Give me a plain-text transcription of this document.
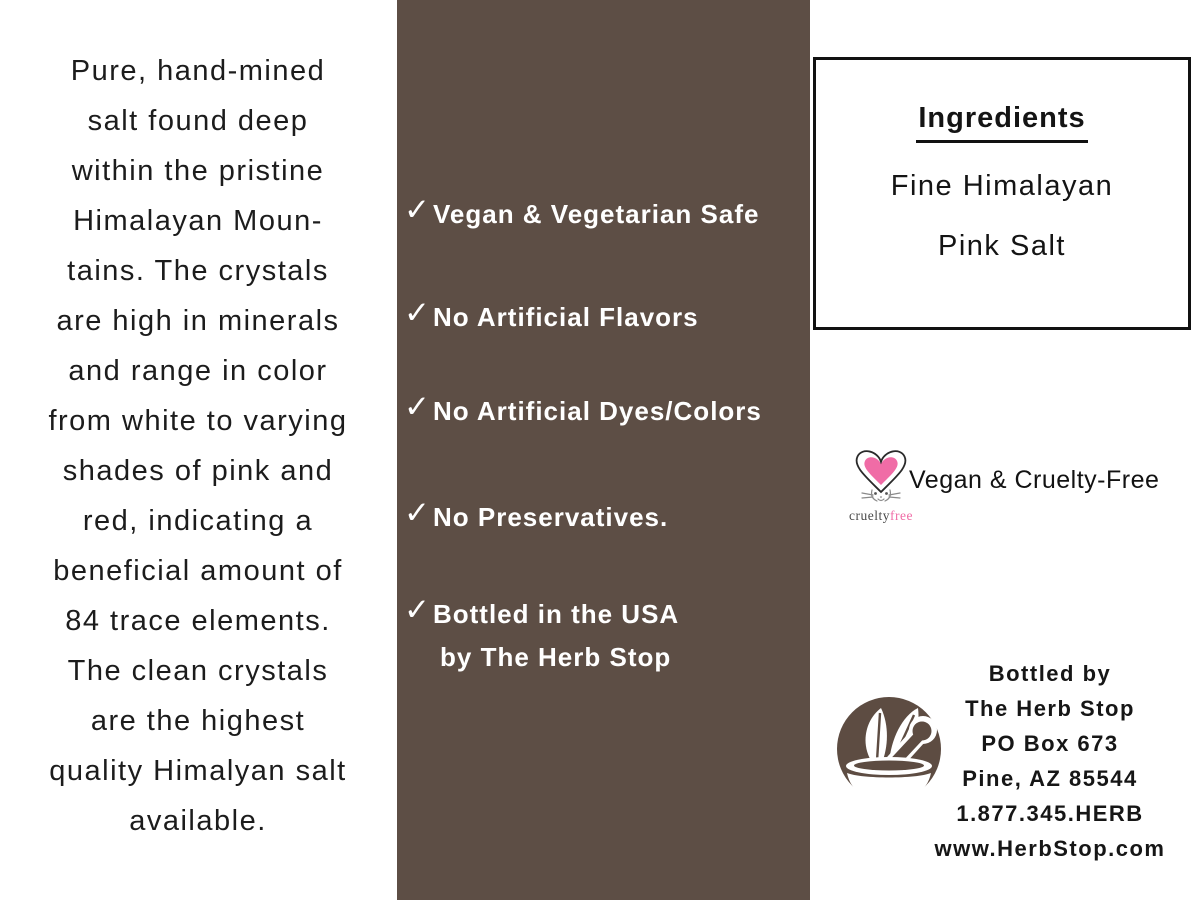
Pure, hand-mined
salt found deep
within the pristine
Himalayan Moun-
tains. The crystals
are high in minerals
and range in color
from white to varying
shades of pink and
red, indicating a
beneficial amount of
84 trace elements.
The clean crystals
are the highest
quality Himalyan salt
available.
✓ Vegan & Vegetarian Safe
✓ No Artificial Flavors
✓ No Artificial Dyes/Colors
✓ No Preservatives.
✓ Bottled in the USA
by The Herb Stop
Ingredients
Fine Himalayan
Pink Salt
crueltyfree
Vegan & Cruelty-Free
Bottled by
The Herb Stop
PO Box 673
Pine, AZ 85544
1.877.345.HERB
www.HerbStop.com
